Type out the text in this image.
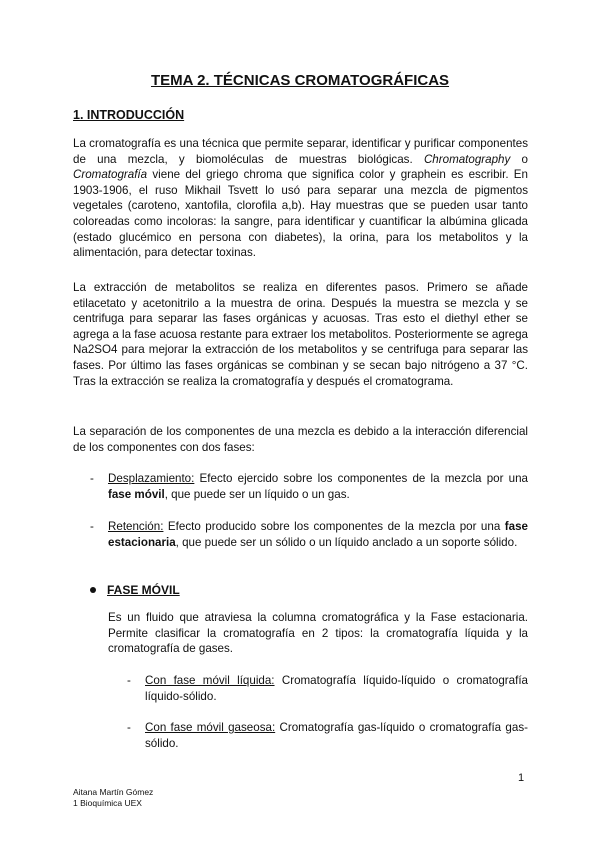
TEMA 2. TÉCNICAS CROMATOGRÁFICAS
1. INTRODUCCIÓN

La cromatografía es una técnica que permite separar, identificar y purificar componentes de una mezcla, y biomoléculas de muestras biológicas. Chromatography o Cromatografía viene del griego chroma que significa color y graphein es escribir. En 1903-1906, el ruso Mikhail Tsvett lo usó para separar una mezcla de pigmentos vegetales (caroteno, xantofila, clorofila a,b). Hay muestras que se pueden usar tanto coloreadas como incoloras: la sangre, para identificar y cuantificar la albúmina glicada (estado glucémico en persona con diabetes), la orina, para los metabolitos y la alimentación, para detectar toxinas.

La extracción de metabolitos se realiza en diferentes pasos. Primero se añade etilacetato y acetonitrilo a la muestra de orina. Después la muestra se mezcla y se centrifuga para separar las fases orgánicas y acuosas. Tras esto el diethyl ether se agrega a la fase acuosa restante para extraer los metabolitos. Posteriormente se agrega Na2SO4 para mejorar la extracción de los metabolitos y se centrifuga para separar las fases. Por último las fases orgánicas se combinan y se secan bajo nitrógeno a 37 °C. Tras la extracción se realiza la cromatografía y después el cromatograma.

La separación de los componentes de una mezcla es debido a la interacción diferencial de los componentes con dos fases:

- Desplazamiento: Efecto ejercido sobre los componentes de la mezcla por una fase móvil, que puede ser un líquido o un gas.
- Retención: Efecto producido sobre los componentes de la mezcla por una fase estacionaria, que puede ser un sólido o un líquido anclado a un soporte sólido.
FASE MÓVIL

Es un fluido que atraviesa la columna cromatográfica y la Fase estacionaria. Permite clasificar la cromatografía en 2 tipos: la cromatografía líquida y la cromatografía de gases.

- Con fase móvil líquida: Cromatografía líquido-líquido o cromatografía líquido-sólido.
- Con fase móvil gaseosa: Cromatografía gas-líquido o cromatografía gas-sólido.
1
Aitana Martín Gómez
1 Bioquímica UEX
